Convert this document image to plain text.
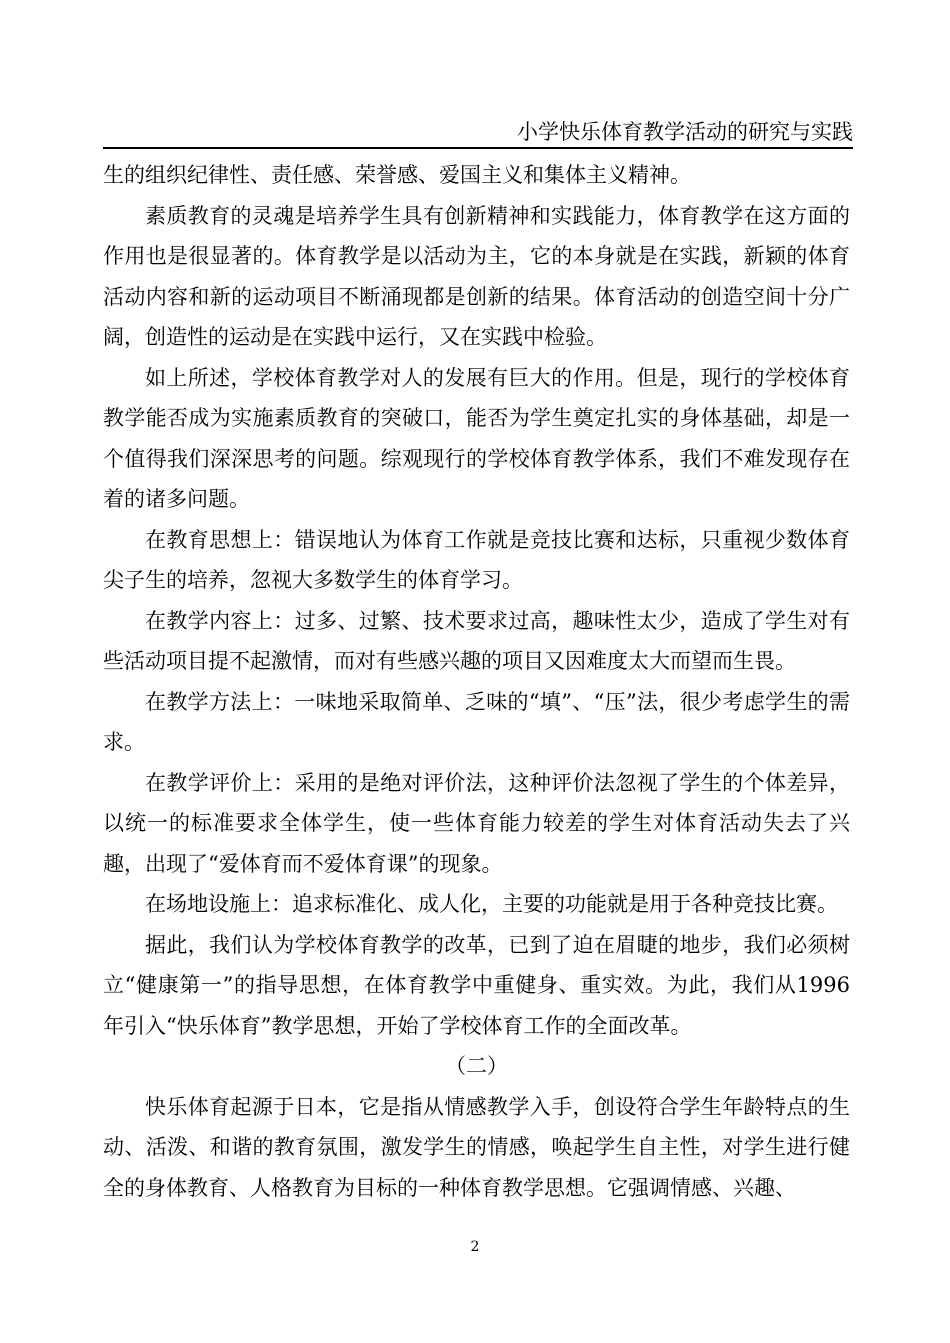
小学快乐体育教学活动的研究与实践

生的组织纪律性、责任感、荣誉感、爱国主义和集体主义精神。

素质教育的灵魂是培养学生具有创新精神和实践能力，体育教学在这方面的作用也是很显著的。体育教学是以活动为主，它的本身就是在实践，新颖的体育活动内容和新的运动项目不断涌现都是创新的结果。体育活动的创造空间十分广阔，创造性的运动是在实践中运行，又在实践中检验。

如上所述，学校体育教学对人的发展有巨大的作用。但是，现行的学校体育教学能否成为实施素质教育的突破口，能否为学生奠定扎实的身体基础，却是一个值得我们深深思考的问题。综观现行的学校体育教学体系，我们不难发现存在着的诸多问题。

在教育思想上：错误地认为体育工作就是竞技比赛和达标，只重视少数体育尖子生的培养，忽视大多数学生的体育学习。

在教学内容上：过多、过繁、技术要求过高，趣味性太少，造成了学生对有些活动项目提不起激情，而对有些感兴趣的项目又因难度太大而望而生畏。

在教学方法上：一味地采取简单、乏味的“填”、“压”法，很少考虑学生的需求。

在教学评价上：采用的是绝对评价法，这种评价法忽视了学生的个体差异，以统一的标准要求全体学生，使一些体育能力较差的学生对体育活动失去了兴趣，出现了“爱体育而不爱体育课”的现象。

在场地设施上：追求标准化、成人化，主要的功能就是用于各种竞技比赛。

据此，我们认为学校体育教学的改革，已到了迫在眉睫的地步，我们必须树立“健康第一”的指导思想，在体育教学中重健身、重实效。为此，我们从1996 年引入“快乐体育”教学思想，开始了学校体育工作的全面改革。

（二）

快乐体育起源于日本，它是指从情感教学入手，创设符合学生年龄特点的生动、活泼、和谐的教育氛围，激发学生的情感，唤起学生自主性，对学生进行健全的身体教育、人格教育为目标的一种体育教学思想。它强调情感、兴趣、

2
